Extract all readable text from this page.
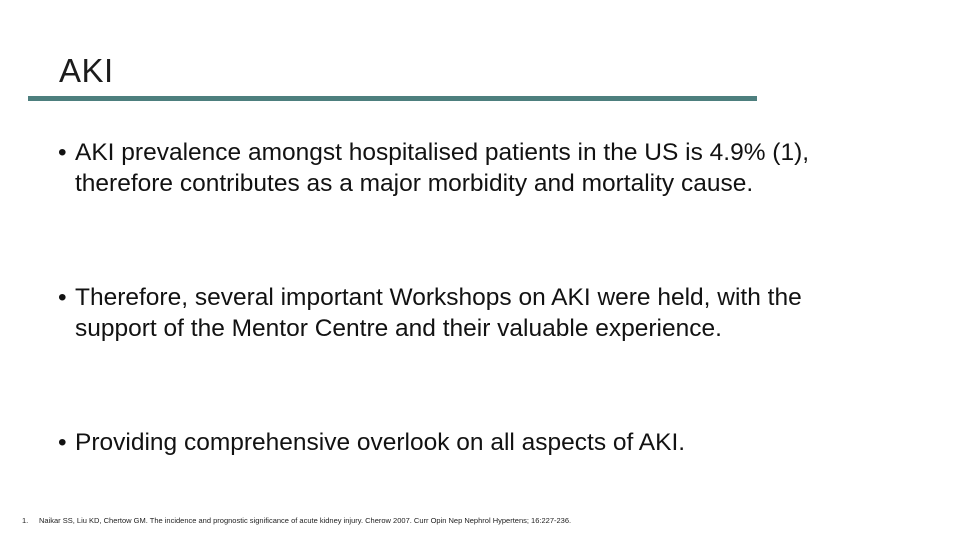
AKI
• AKI prevalence amongst hospitalised patients in the US is 4.9% (1), therefore contributes as a major morbidity and mortality cause.
• Therefore, several important Workshops on AKI were held, with the support of the Mentor Centre and their valuable experience.
• Providing comprehensive overlook on all aspects of AKI.
1. Naikar SS, Liu KD, Chertow GM. The incidence and prognostic significance of acute kidney injury. Cherow 2007. Curr Opin Nep Nephrol Hypertens; 16:227-236.
